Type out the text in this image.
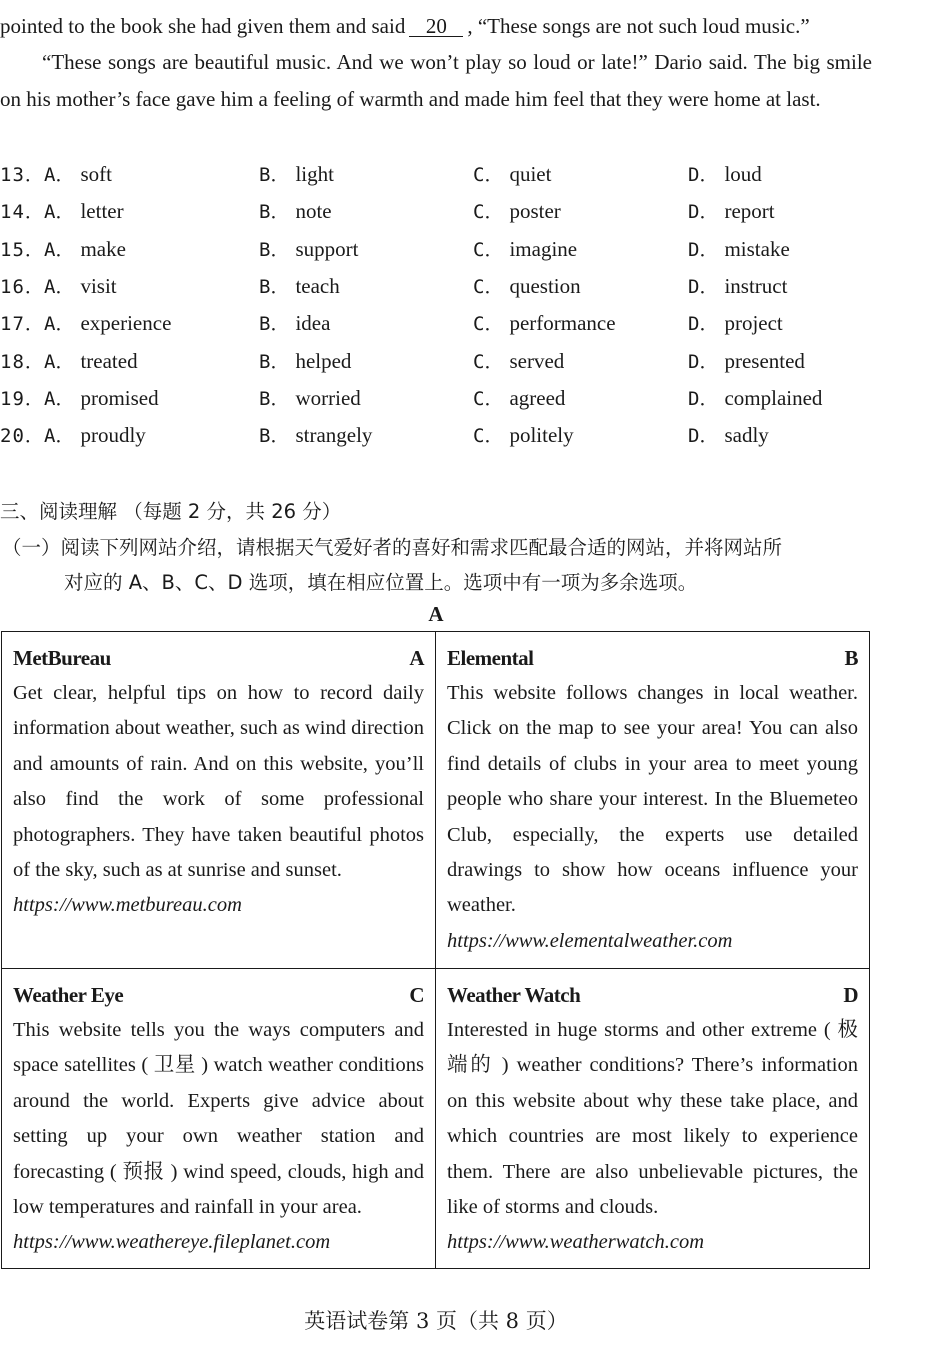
pointed to the book she had given them and said 20 , “These songs are not such loud music.”
“These songs are beautiful music. And we won’t play so loud or late!” Dario said. The big smile on his mother’s face gave him a feeling of warmth and made him feel that they were home at last.
13． A． soft	B． light	C． quiet	D． loud
14． A． letter	B． note	C． poster	D． report
15． A． make	B． support	C． imagine	D． mistake
16． A． visit	B． teach	C． question	D． instruct
17． A． experience	B． idea	C． performance	D． project
18． A． treated	B． helped	C． served	D． presented
19． A． promised	B． worried	C． agreed	D． complained
20． A． proudly	B． strangely	C． politely	D． sadly
三、阅读理解 （每题 2 分，共 26 分）
（一）阅读下列网站介绍，请根据天气爱好者的喜好和需求匹配最合适的网站，并将网站所
对应的 A、B、C、D 选项，填在相应位置上。选项中有一项为多余选项。
A
MetBureau	A
Get clear, helpful tips on how to record daily information about weather, such as wind direction and amounts of rain. And on this website, you’ll also find the work of some professional photographers. They have taken beautiful photos of the sky, such as at sunrise and sunset.
https://www.metbureau.com
Elemental	B
This website follows changes in local weather. Click on the map to see your area! You can also find details of clubs in your area to meet young people who share your interest. In the Bluemeteo Club, especially, the experts use detailed drawings to show how oceans influence your weather.
https://www.elementalweather.com
Weather Eye	C
This website tells you the ways computers and space satellites ( 卫星 ) watch weather conditions around the world. Experts give advice about setting up your own weather station and forecasting ( 预报 ) wind speed, clouds, high and low temperatures and rainfall in your area.
https://www.weathereye.fileplanet.com
Weather Watch	D
Interested in huge storms and other extreme ( 极端的 ) weather conditions? There’s information on this website about why these take place, and which countries are most likely to experience them. There are also unbelievable pictures, the like of storms and clouds.
https://www.weatherwatch.com
英语试卷第 3 页（共 8 页）
